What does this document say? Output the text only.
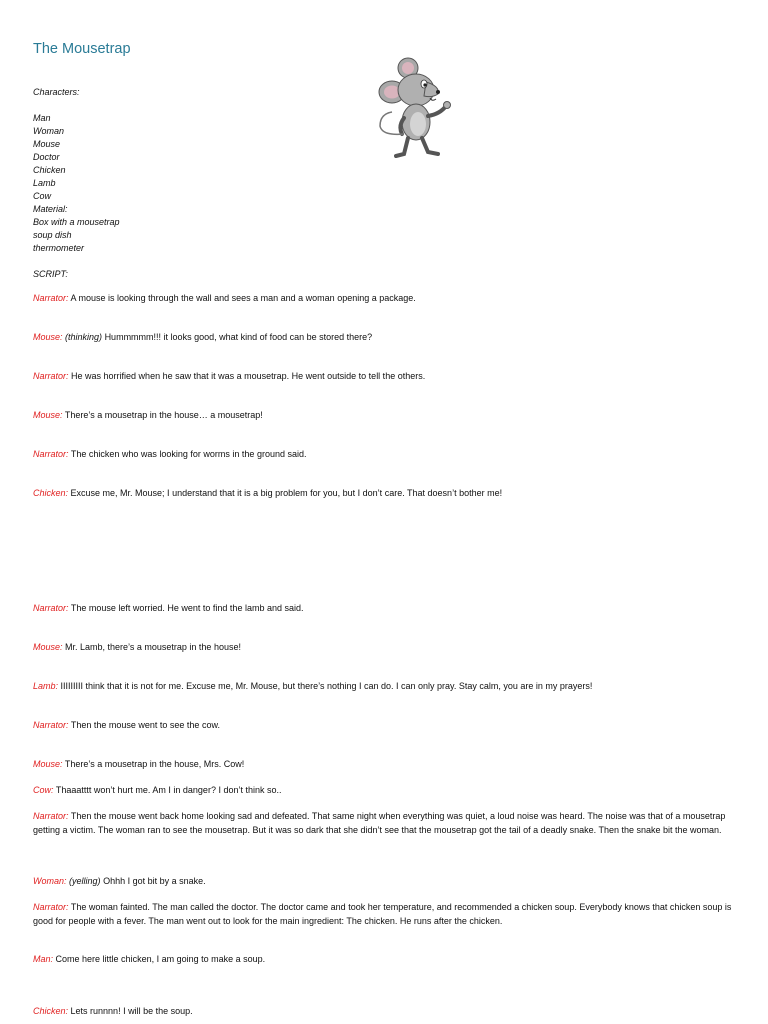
The Mousetrap
Characters:
Man
Woman
Mouse
Doctor
Chicken
Lamb
Cow
Material:
Box with a mousetrap
soup dish
thermometer
SCRIPT:
Narrator: A mouse is looking through the wall and sees a man and a woman opening a package.
Mouse: (thinking) Hummmmm!!! it looks good, what kind of food can be stored there?
Narrator: He was horrified when he saw that it was a mousetrap. He went outside to tell the others.
Mouse: There’s a mousetrap in the house… a mousetrap!
Narrator: The chicken who was looking for worms in the ground said.
Chicken: Excuse me, Mr. Mouse; I understand that it is a big problem for you, but I don’t care. That doesn’t bother me!
Narrator: The mouse left worried. He went to find the lamb and said.
Mouse: Mr. Lamb, there’s a mousetrap in the house!
Lamb: IIIIIIIII think that it is not for me. Excuse me, Mr. Mouse, but there’s nothing I can do. I can only pray. Stay calm, you are in my prayers!
Narrator: Then the mouse went to see the cow.
Mouse: There’s a mousetrap in the house, Mrs. Cow!
Cow: Thaaatttt won’t hurt me. Am I in danger? I don’t think so..
Narrator: Then the mouse went back home looking sad and defeated. That same night when everything was quiet, a loud noise was heard. The noise was that of a mousetrap getting a victim. The woman ran to see the mousetrap. But it was so dark that she didn’t see that the mousetrap got the tail of a deadly snake. Then the snake bit the woman.
Woman: (yelling) Ohhh I got bit by a snake.
Narrator: The woman fainted. The man called the doctor. The doctor came and took her temperature, and recommended a chicken soup. Everybody knows that chicken soup is good for people with a fever. The man went out to look for the main ingredient: The chicken. He runs after the chicken.
Man: Come here little chicken, I am going to make a soup.
Chicken: Lets runnnn! I will be the soup.
